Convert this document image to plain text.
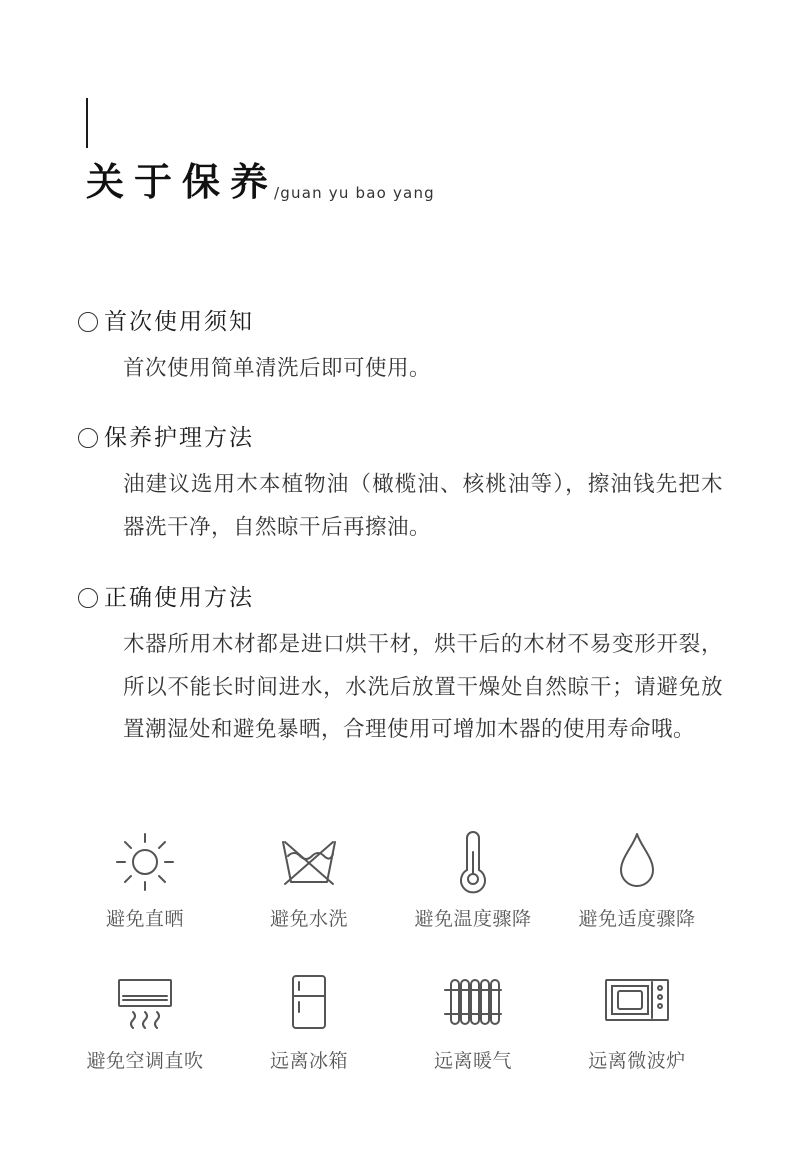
关于保养
/guan yu bao yang
首次使用须知
首次使用简单清洗后即可使用。
保养护理方法
油建议选用木本植物油（橄榄油、核桃油等），擦油钱先把木器洗干净，自然晾干后再擦油。
正确使用方法
木器所用木材都是进口烘干材，烘干后的木材不易变形开裂，所以不能长时间进水，水洗后放置干燥处自然晾干；请避免放置潮湿处和避免暴晒，合理使用可增加木器的使用寿命哦。
避免直晒	避免水洗	避免温度骤降	避免适度骤降
避免空调直吹	远离冰箱	远离暖气	远离微波炉
